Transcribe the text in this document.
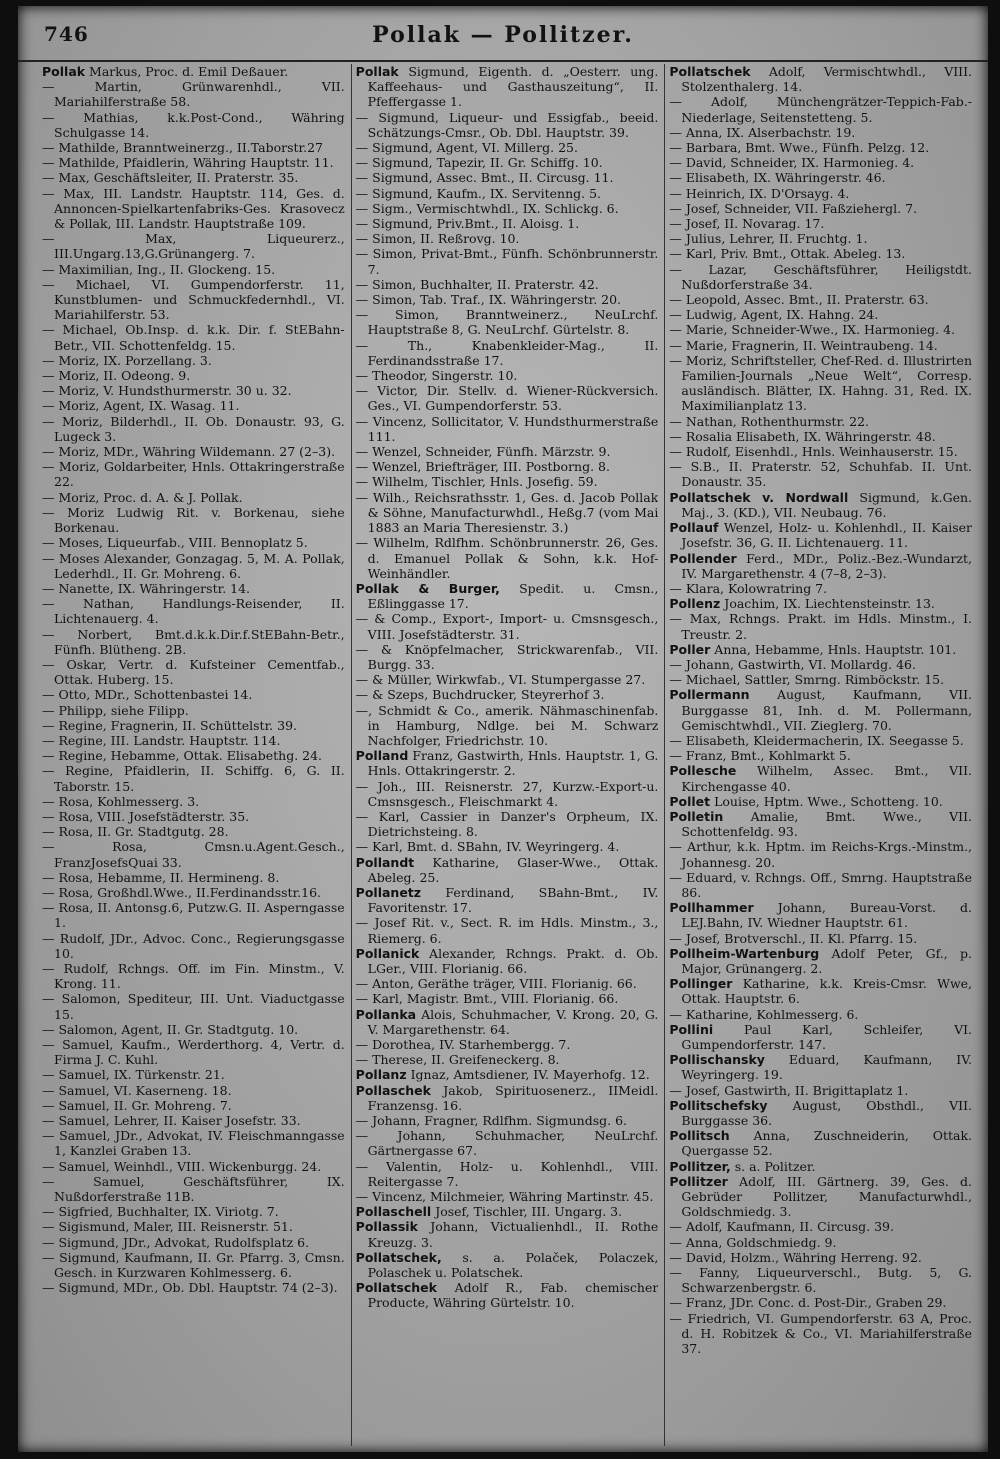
746	Pollak — Pollitzer.

Pollak Markus, Proc. d. Emil Deßauer.

— Martin, Grünwarenhdl., VII. Mariahilferstraße 58.

— Mathias, k.k.Post-Cond., Währing Schulgasse 14.

— Mathilde, Branntweinerzg., II.Taborstr.27

— Mathilde, Pfaidlerin, Währing Hauptstr. 11.

— Max, Geschäftsleiter, II. Praterstr. 35.

— Max, III. Landstr. Hauptstr. 114, Ges. d. Annoncen-Spielkartenfabriks-Ges. Krasovecz & Pollak, III. Landstr. Hauptstraße 109.

— Max, Liqueurerz., III.Ungarg.13,G.Grünangerg. 7.

— Maximilian, Ing., II. Glockeng. 15.

— Michael, VI. Gumpendorferstr. 11, Kunstblumen- und Schmuckfedernhdl., VI. Mariahilferstr. 53.

— Michael, Ob.Insp. d. k.k. Dir. f. StEBahn-Betr., VII. Schottenfeldg. 15.

— Moriz, IX. Porzellang. 3.

— Moriz, II. Odeong. 9.

— Moriz, V. Hundsthurmerstr. 30 u. 32.

— Moriz, Agent, IX. Wasag. 11.

— Moriz, Bilderhdl., II. Ob. Donaustr. 93, G. Lugeck 3.

— Moriz, MDr., Währing Wildemann. 27 (2–3).

— Moriz, Goldarbeiter, Hnls. Ottakringerstraße 22.

— Moriz, Proc. d. A. & J. Pollak.

— Moriz Ludwig Rit. v. Borkenau, siehe Borkenau.

— Moses, Liqueurfab., VIII. Bennoplatz 5.

— Moses Alexander, Gonzagag. 5, M. A. Pollak, Lederhdl., II. Gr. Mohreng. 6.

— Nanette, IX. Währingerstr. 14.

— Nathan, Handlungs-Reisender, II. Lichtenauerg. 4.

— Norbert, Bmt.d.k.k.Dir.f.StEBahn-Betr., Fünfh. Blütheng. 2B.

— Oskar, Vertr. d. Kufsteiner Cementfab., Ottak. Huberg. 15.

— Otto, MDr., Schottenbastei 14.

— Philipp, siehe Filipp.

— Regine, Fragnerin, II. Schüttelstr. 39.

— Regine, III. Landstr. Hauptstr. 114.

— Regine, Hebamme, Ottak. Elisabethg. 24.

— Regine, Pfaidlerin, II. Schiffg. 6, G. II. Taborstr. 15.

— Rosa, Kohlmesserg. 3.

— Rosa, VIII. Josefstädterstr. 35.

— Rosa, II. Gr. Stadtgutg. 28.

— Rosa, Cmsn.u.Agent.Gesch., FranzJosefsQuai 33.

— Rosa, Hebamme, II. Hermineng. 8.

— Rosa, Großhdl.Wwe., II.Ferdinandsstr.16.

— Rosa, II. Antonsg.6, Putzw.G. II. Asperngasse 1.

— Rudolf, JDr., Advoc. Conc., Regierungsgasse 10.

— Rudolf, Rchngs. Off. im Fin. Minstm., V. Krong. 11.

— Salomon, Spediteur, III. Unt. Viaductgasse 15.

— Salomon, Agent, II. Gr. Stadtgutg. 10.

— Samuel, Kaufm., Werderthorg. 4, Vertr. d. Firma J. C. Kuhl.

— Samuel, IX. Türkenstr. 21.

— Samuel, VI. Kaserneng. 18.

— Samuel, II. Gr. Mohreng. 7.

— Samuel, Lehrer, II. Kaiser Josefstr. 33.

— Samuel, JDr., Advokat, IV. Fleischmanngasse 1, Kanzlei Graben 13.

— Samuel, Weinhdl., VIII. Wickenburgg. 24.

— Samuel, Geschäftsführer, IX. Nußdorferstraße 11B.

— Sigfried, Buchhalter, IX. Viriotg. 7.

— Sigismund, Maler, III. Reisnerstr. 51.

— Sigmund, JDr., Advokat, Rudolfsplatz 6.

— Sigmund, Kaufmann, II. Gr. Pfarrg. 3, Cmsn. Gesch. in Kurzwaren Kohlmesserg. 6.

— Sigmund, MDr., Ob. Dbl. Hauptstr. 74 (2–3).

Pollak Sigmund, Eigenth. d. „Oesterr. ung. Kaffeehaus- und Gasthauszeitung“, II. Pfeffergasse 1.

— Sigmund, Liqueur- und Essigfab., beeid. Schätzungs-Cmsr., Ob. Dbl. Hauptstr. 39.

— Sigmund, Agent, VI. Millerg. 25.

— Sigmund, Tapezir, II. Gr. Schiffg. 10.

— Sigmund, Assec. Bmt., II. Circusg. 11.

— Sigmund, Kaufm., IX. Servitenng. 5.

— Sigm., Vermischtwhdl., IX. Schlickg. 6.

— Sigmund, Priv.Bmt., II. Aloisg. 1.

— Simon, II. Reßrovg. 10.

— Simon, Privat-Bmt., Fünfh. Schönbrunnerstr. 7.

— Simon, Buchhalter, II. Praterstr. 42.

— Simon, Tab. Traf., IX. Währingerstr. 20.

— Simon, Branntweinerz., NeuLrchf. Hauptstraße 8, G. NeuLrchf. Gürtelstr. 8.

— Th., Knabenkleider-Mag., II. Ferdinandsstraße 17.

— Theodor, Singerstr. 10.

— Victor, Dir. Stellv. d. Wiener-Rückversich. Ges., VI. Gumpendorferstr. 53.

— Vincenz, Sollicitator, V. Hundsthurmerstraße 111.

— Wenzel, Schneider, Fünfh. Märzstr. 9.

— Wenzel, Briefträger, III. Postborng. 8.

— Wilhelm, Tischler, Hnls. Josefig. 59.

— Wilh., Reichsrathsstr. 1, Ges. d. Jacob Pollak & Söhne, Manufacturwhdl., Heßg.7 (vom Mai 1883 an Maria Theresienstr. 3.)

— Wilhelm, Rdlfhm. Schönbrunnerstr. 26, Ges. d. Emanuel Pollak & Sohn, k.k. Hof-Weinhändler.

Pollak & Burger, Spedit. u. Cmsn., Eßlinggasse 17.

— & Comp., Export-, Import- u. Cmsnsgesch., VIII. Josefstädterstr. 31.

— & Knöpfelmacher, Strickwarenfab., VII. Burgg. 33.

— & Müller, Wirkwfab., VI. Stumpergasse 27.

— & Szeps, Buchdrucker, Steyrerhof 3.

—, Schmidt & Co., amerik. Nähmaschinenfab. in Hamburg, Ndlge. bei M. Schwarz Nachfolger, Friedrichstr. 10.

Polland Franz, Gastwirth, Hnls. Hauptstr. 1, G. Hnls. Ottakringerstr. 2.

— Joh., III. Reisnerstr. 27, Kurzw.-Export-u. Cmsnsgesch., Fleischmarkt 4.

— Karl, Cassier in Danzer's Orpheum, IX. Dietrichsteing. 8.

— Karl, Bmt. d. SBahn, IV. Weyringerg. 4.

Pollandt Katharine, Glaser-Wwe., Ottak. Abeleg. 25.

Pollanetz Ferdinand, SBahn-Bmt., IV. Favoritenstr. 17.

— Josef Rit. v., Sect. R. im Hdls. Minstm., 3., Riemerg. 6.

Pollanick Alexander, Rchngs. Prakt. d. Ob. LGer., VIII. Florianig. 66.

— Anton, Geräthe träger, VIII. Florianig. 66.

— Karl, Magistr. Bmt., VIII. Florianig. 66.

Pollanka Alois, Schuhmacher, V. Krong. 20, G. V. Margarethenstr. 64.

— Dorothea, IV. Starhembergg. 7.

— Therese, II. Greifeneckerg. 8.

Pollanz Ignaz, Amtsdiener, IV. Mayerhofg. 12.

Pollaschek Jakob, Spirituosenerz., IIMeidl. Franzensg. 16.

— Johann, Fragner, Rdlfhm. Sigmundsg. 6.

— Johann, Schuhmacher, NeuLrchf. Gärtnergasse 67.

— Valentin, Holz- u. Kohlenhdl., VIII. Reitergasse 7.

— Vincenz, Milchmeier, Währing Martinstr. 45.

Pollaschell Josef, Tischler, III. Ungarg. 3.

Pollassik Johann, Victualienhdl., II. Rothe Kreuzg. 3.

Pollatschek, s. a. Polaček, Polaczek, Polaschek u. Polatschek.

Pollatschek Adolf R., Fab. chemischer Producte, Währing Gürtelstr. 10.

Pollatschek Adolf, Vermischtwhdl., VIII. Stolzenthalerg. 14.

— Adolf, Münchengrätzer-Teppich-Fab.-Niederlage, Seitenstetteng. 5.

— Anna, IX. Alserbachstr. 19.

— Barbara, Bmt. Wwe., Fünfh. Pelzg. 12.

— David, Schneider, IX. Harmonieg. 4.

— Elisabeth, IX. Währingerstr. 46.

— Heinrich, IX. D'Orsayg. 4.

— Josef, Schneider, VII. Faßziehergl. 7.

— Josef, II. Novarag. 17.

— Julius, Lehrer, II. Fruchtg. 1.

— Karl, Priv. Bmt., Ottak. Abeleg. 13.

— Lazar, Geschäftsführer, Heiligstdt. Nußdorferstraße 34.

— Leopold, Assec. Bmt., II. Praterstr. 63.

— Ludwig, Agent, IX. Hahng. 24.

— Marie, Schneider-Wwe., IX. Harmonieg. 4.

— Marie, Fragnerin, II. Weintraubeng. 14.

— Moriz, Schriftsteller, Chef-Red. d. Illustrirten Familien-Journals „Neue Welt“, Corresp. ausländisch. Blätter, IX. Hahng. 31, Red. IX. Maximilianplatz 13.

— Nathan, Rothenthurmstr. 22.

— Rosalia Elisabeth, IX. Währingerstr. 48.

— Rudolf, Eisenhdl., Hnls. Weinhauserstr. 15.

— S.B., II. Praterstr. 52, Schuhfab. II. Unt. Donaustr. 35.

Pollatschek v. Nordwall Sigmund, k.Gen. Maj., 3. (KD.), VII. Neubaug. 76.

Pollauf Wenzel, Holz- u. Kohlenhdl., II. Kaiser Josefstr. 36, G. II. Lichtenauerg. 11.

Pollender Ferd., MDr., Poliz.-Bez.-Wundarzt, IV. Margarethenstr. 4 (7–8, 2–3).

— Klara, Kolowratring 7.

Pollenz Joachim, IX. Liechtensteinstr. 13.

— Max, Rchngs. Prakt. im Hdls. Minstm., I. Treustr. 2.

Poller Anna, Hebamme, Hnls. Hauptstr. 101.

— Johann, Gastwirth, VI. Mollardg. 46.

— Michael, Sattler, Smrng. Rimböckstr. 15.

Pollermann August, Kaufmann, VII. Burggasse 81, Inh. d. M. Pollermann, Gemischtwhdl., VII. Zieglerg. 70.

— Elisabeth, Kleidermacherin, IX. Seegasse 5.

— Franz, Bmt., Kohlmarkt 5.

Pollesche Wilhelm, Assec. Bmt., VII. Kirchengasse 40.

Pollet Louise, Hptm. Wwe., Schotteng. 10.

Polletin Amalie, Bmt. Wwe., VII. Schottenfeldg. 93.

— Arthur, k.k. Hptm. im Reichs-Krgs.-Minstm., Johannesg. 20.

— Eduard, v. Rchngs. Off., Smrng. Hauptstraße 86.

Pollhammer Johann, Bureau-Vorst. d. LEJ.Bahn, IV. Wiedner Hauptstr. 61.

— Josef, Brotverschl., II. Kl. Pfarrg. 15.

Pollheim-Wartenburg Adolf Peter, Gf., p. Major, Grünangerg. 2.

Pollinger Katharine, k.k. Kreis-Cmsr. Wwe, Ottak. Hauptstr. 6.

— Katharine, Kohlmesserg. 6.

Pollini Paul Karl, Schleifer, VI. Gumpendorferstr. 147.

Pollischansky Eduard, Kaufmann, IV. Weyringerg. 19.

— Josef, Gastwirth, II. Brigittaplatz 1.

Pollitschefsky August, Obsthdl., VII. Burggasse 36.

Pollitsch Anna, Zuschneiderin, Ottak. Quergasse 52.

Pollitzer, s. a. Politzer.

Pollitzer Adolf, III. Gärtnerg. 39, Ges. d. Gebrüder Pollitzer, Manufacturwhdl., Goldschmiedg. 3.

— Adolf, Kaufmann, II. Circusg. 39.

— Anna, Goldschmiedg. 9.

— David, Holzm., Währing Herreng. 92.

— Fanny, Liqueurverschl., Butg. 5, G. Schwarzenbergstr. 6.

— Franz, JDr. Conc. d. Post-Dir., Graben 29.

— Friedrich, VI. Gumpendorferstr. 63 A, Proc. d. H. Robitzek & Co., VI. Mariahilferstraße 37.
